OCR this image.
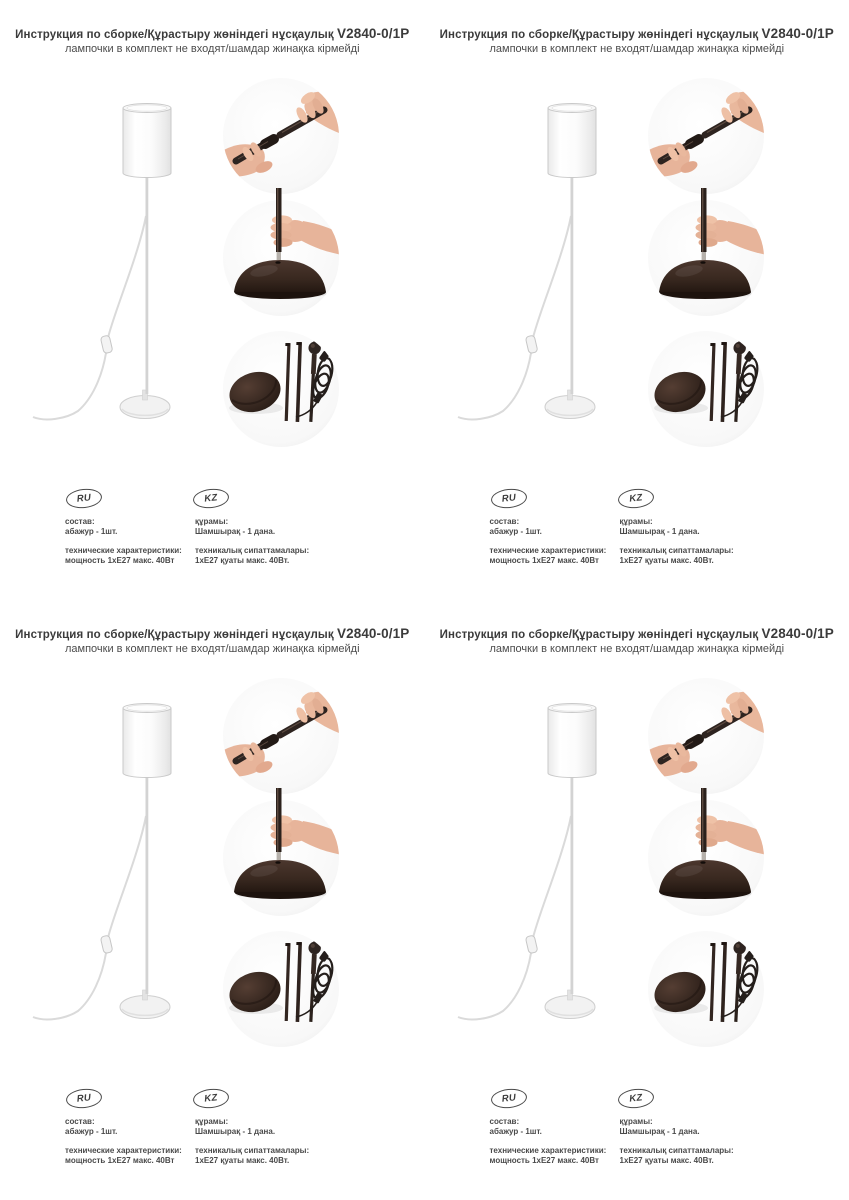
Инструкция по сборке/Құрастыру жөніндегі нұсқаулық V2840-0/1P
лампочки в комплект не входят/шамдар жинақка кірмейді
RU	KZ
состав:
абажур - 1шт.
технические характеристики:
мощность 1хЕ27 макс. 40Вт
құрамы:
Шамшырақ - 1 дана.
техникалық сипаттамалары:
1хЕ27 қуаты макс. 40Вт.
Инструкция по сборке/Құрастыру жөніндегі нұсқаулық V2840-0/1P
лампочки в комплект не входят/шамдар жинақка кірмейді
RU	KZ
состав:
абажур - 1шт.
технические характеристики:
мощность 1хЕ27 макс. 40Вт
құрамы:
Шамшырақ - 1 дана.
техникалық сипаттамалары:
1хЕ27 қуаты макс. 40Вт.
Инструкция по сборке/Құрастыру жөніндегі нұсқаулық V2840-0/1P
лампочки в комплект не входят/шамдар жинақка кірмейді
RU	KZ
состав:
абажур - 1шт.
технические характеристики:
мощность 1хЕ27 макс. 40Вт
құрамы:
Шамшырақ - 1 дана.
техникалық сипаттамалары:
1хЕ27 қуаты макс. 40Вт.
Инструкция по сборке/Құрастыру жөніндегі нұсқаулық V2840-0/1P
лампочки в комплект не входят/шамдар жинақка кірмейді
RU	KZ
состав:
абажур - 1шт.
технические характеристики:
мощность 1хЕ27 макс. 40Вт
құрамы:
Шамшырақ - 1 дана.
техникалық сипаттамалары:
1хЕ27 қуаты макс. 40Вт.
